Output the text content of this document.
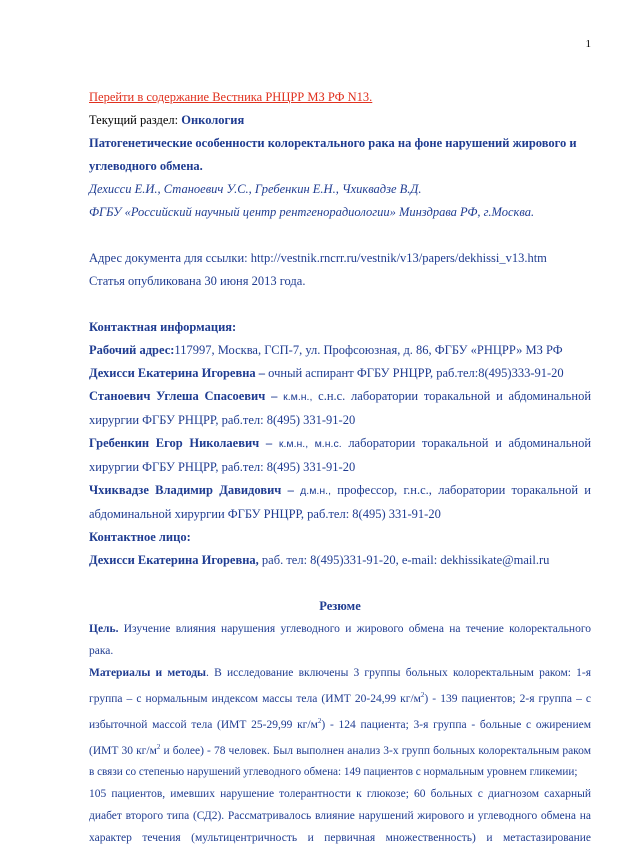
1
Перейти в содержание Вестника РНЦРР МЗ РФ N13.
Текущий раздел: Онкология
Патогенетические особенности колоректального рака на фоне нарушений жирового и
углеводного обмена.
Дехисси Е.И., Станоевич У.С., Гребенкин Е.Н., Чхиквадзе В.Д.
ФГБУ «Российский научный центр рентгенорадиологии» Минздрава РФ, г.Москва.
Адрес документа для ссылки: http://vestnik.rncrr.ru/vestnik/v13/papers/dekhissi_v13.htm
Статья опубликована 30 июня 2013 года.
Контактная информация:
Рабочий адрес:117997, Москва, ГСП-7, ул. Профсоюзная, д. 86, ФГБУ «РНЦРР» МЗ РФ
Дехисси Екатерина Игоревна – очный аспирант ФГБУ РНЦРР, раб.тел:8(495)333-91-20
Станоевич Углеша Спасоевич – к.м.н., с.н.с. лаборатории торакальной и абдоминальной
хирургии ФГБУ РНЦРР, раб.тел: 8(495) 331-91-20
Гребенкин Егор Николаевич – к.м.н., м.н.с. лаборатории торакальной и абдоминальной
хирургии ФГБУ РНЦРР, раб.тел: 8(495) 331-91-20
Чхиквадзе Владимир Давидович – д.м.н., профессор, г.н.с., лаборатории торакальной и
абдоминальной хирургии ФГБУ РНЦРР, раб.тел: 8(495) 331-91-20
Контактное лицо:
Дехисси Екатерина Игоревна, раб. тел: 8(495)331-91-20, e-mail: dekhissikate@mail.ru
Резюме
Цель. Изучение влияния нарушения углеводного и жирового обмена на течение колоректального
рака.
Материалы и методы. В исследование включены 3 группы больных колоректальным раком: 1-я
группа – с нормальным индексом массы тела (ИМТ 20-24,99 $кг/м^2) - 139$ пациентов; 2-я группа – с
избыточной массой тела (ИМТ 25-29,99 $кг/м^2) - 124$ пациента; 3-я группа - больные с ожирением
(ИМТ 30 $кг/м^2$ и более) - 78 человек. Был выполнен анализ 3-х групп больных колоректальным раком
в связи со степенью нарушений углеводного обмена: 149 пациентов с нормальным уровнем гликемии;
105 пациентов, имевших нарушение толерантности к глюкозе; 60 больных с диагнозом сахарный
диабет второго типа (СД2). Рассматривалось влияние нарушений жирового и углеводного обмена на
характер течения (мультицентричность и первичная множественность) и метастазирование
